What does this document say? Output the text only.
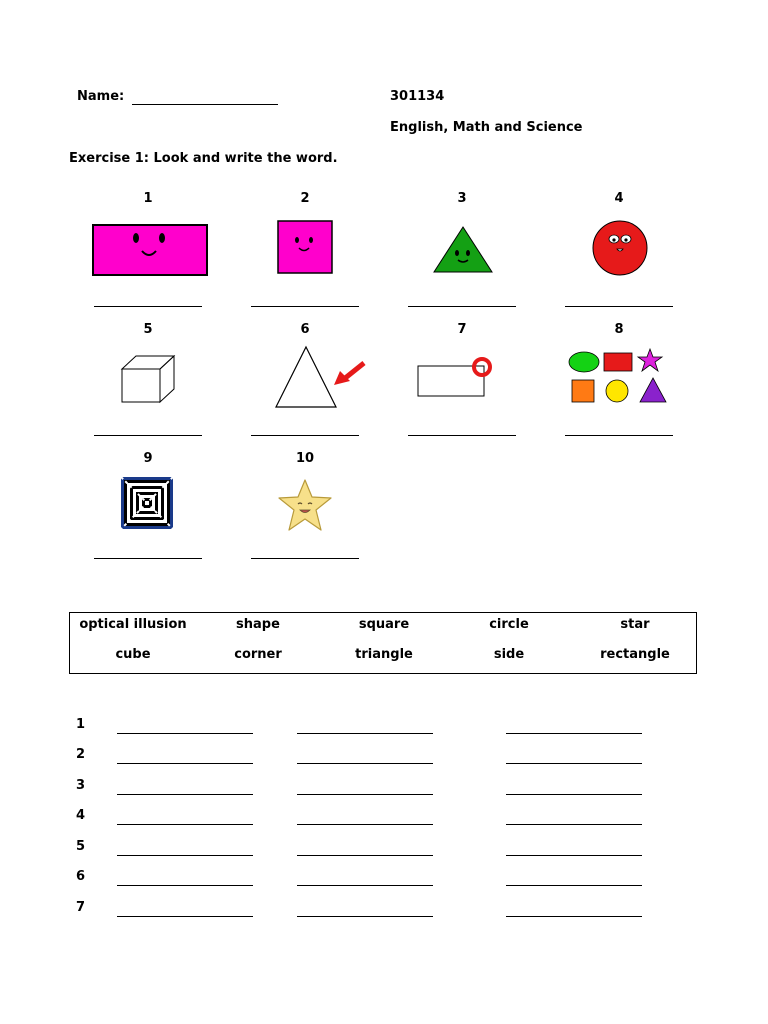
Name:	301134
English, Math and Science
Exercise 1: Look and write the word.
1	2	3	4
5	6	7	8
9	10
optical illusion	shape	square	circle	star
cube	corner	triangle	side	rectangle
1
2
3
4
5
6
7
